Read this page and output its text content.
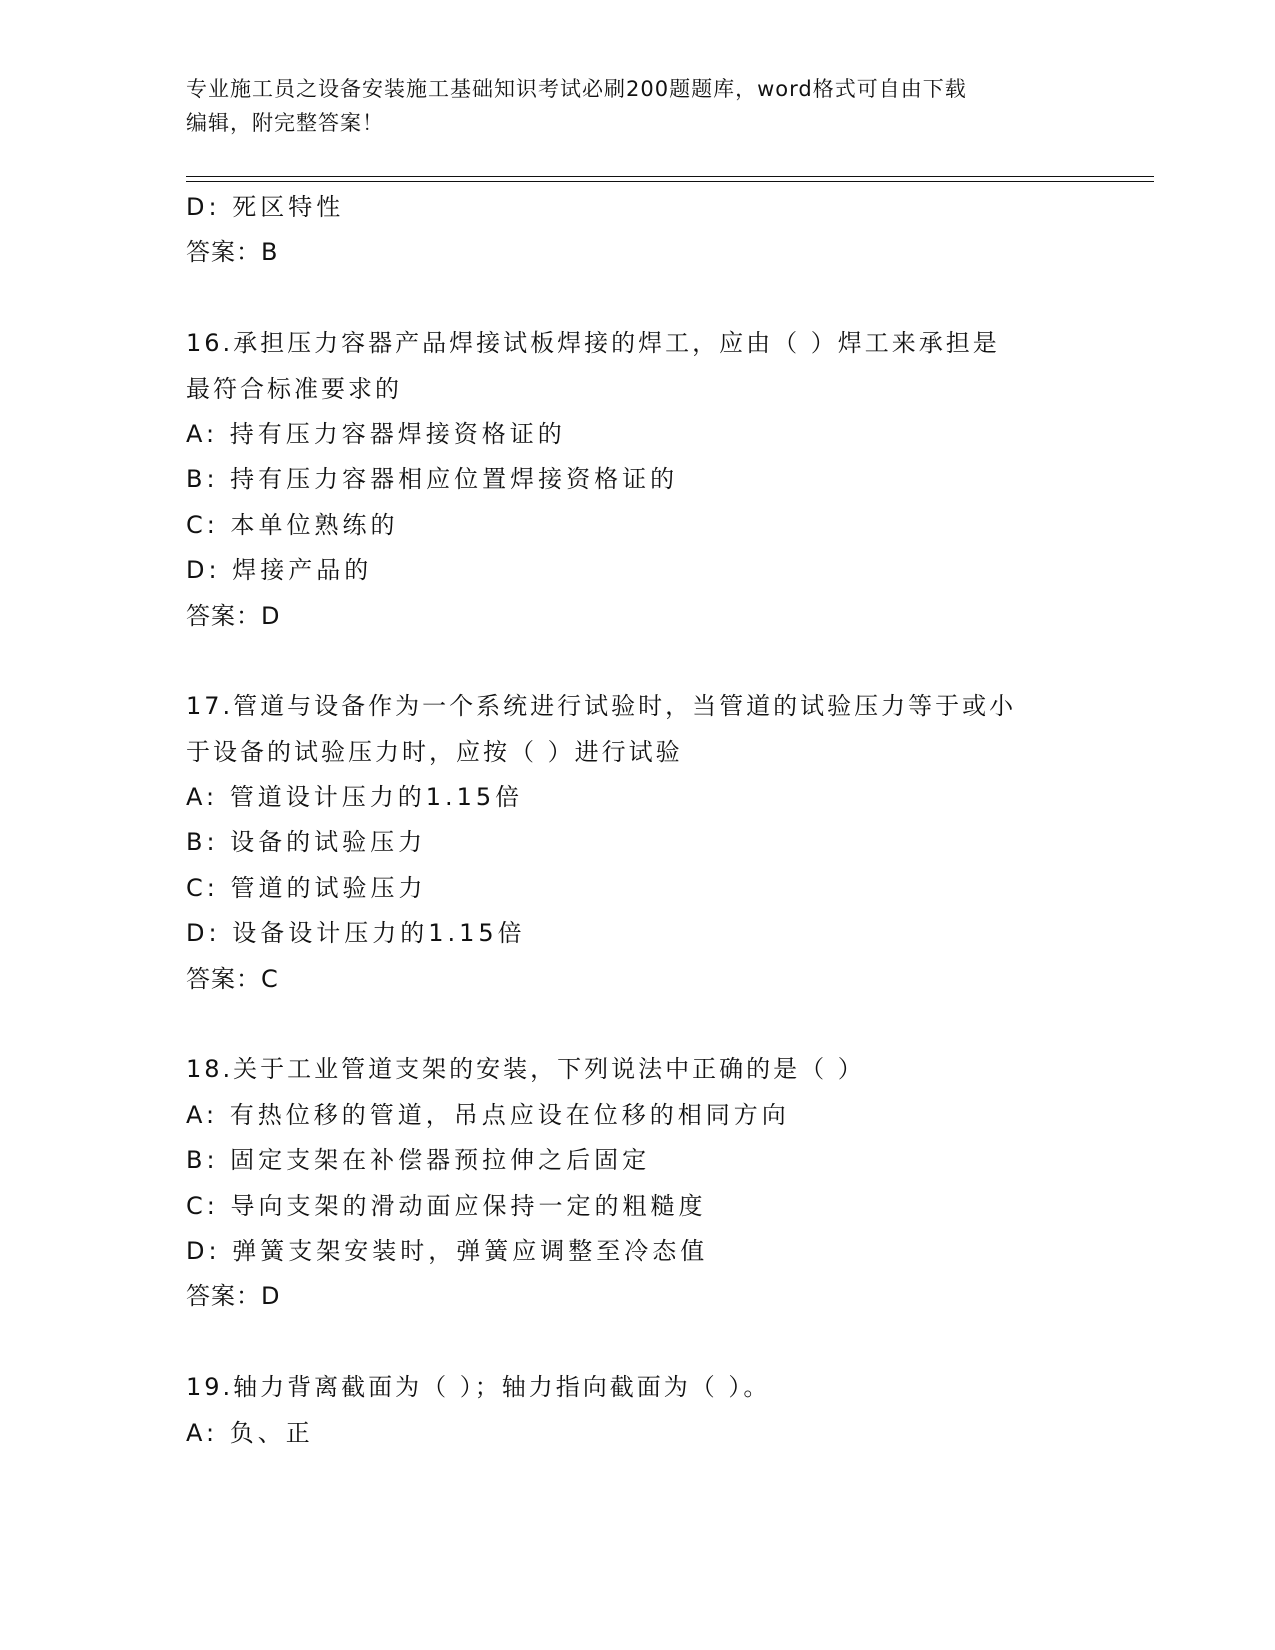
专业施工员之设备安装施工基础知识考试必刷200题题库，word格式可自由下载
编辑，附完整答案！
D: 死区特性
答案：B
16.承担压力容器产品焊接试板焊接的焊工，应由（ ）焊工来承担是
最符合标准要求的
A: 持有压力容器焊接资格证的
B: 持有压力容器相应位置焊接资格证的
C: 本单位熟练的
D: 焊接产品的
答案：D
17.管道与设备作为一个系统进行试验时，当管道的试验压力等于或小
于设备的试验压力时，应按（ ）进行试验
A: 管道设计压力的1.15倍
B: 设备的试验压力
C: 管道的试验压力
D: 设备设计压力的1.15倍
答案：C
18.关于工业管道支架的安装，下列说法中正确的是（ ）
A: 有热位移的管道，吊点应设在位移的相同方向
B: 固定支架在补偿器预拉伸之后固定
C: 导向支架的滑动面应保持一定的粗糙度
D: 弹簧支架安装时，弹簧应调整至冷态值
答案：D
19.轴力背离截面为（ ）；轴力指向截面为（ ）。
A: 负、正
